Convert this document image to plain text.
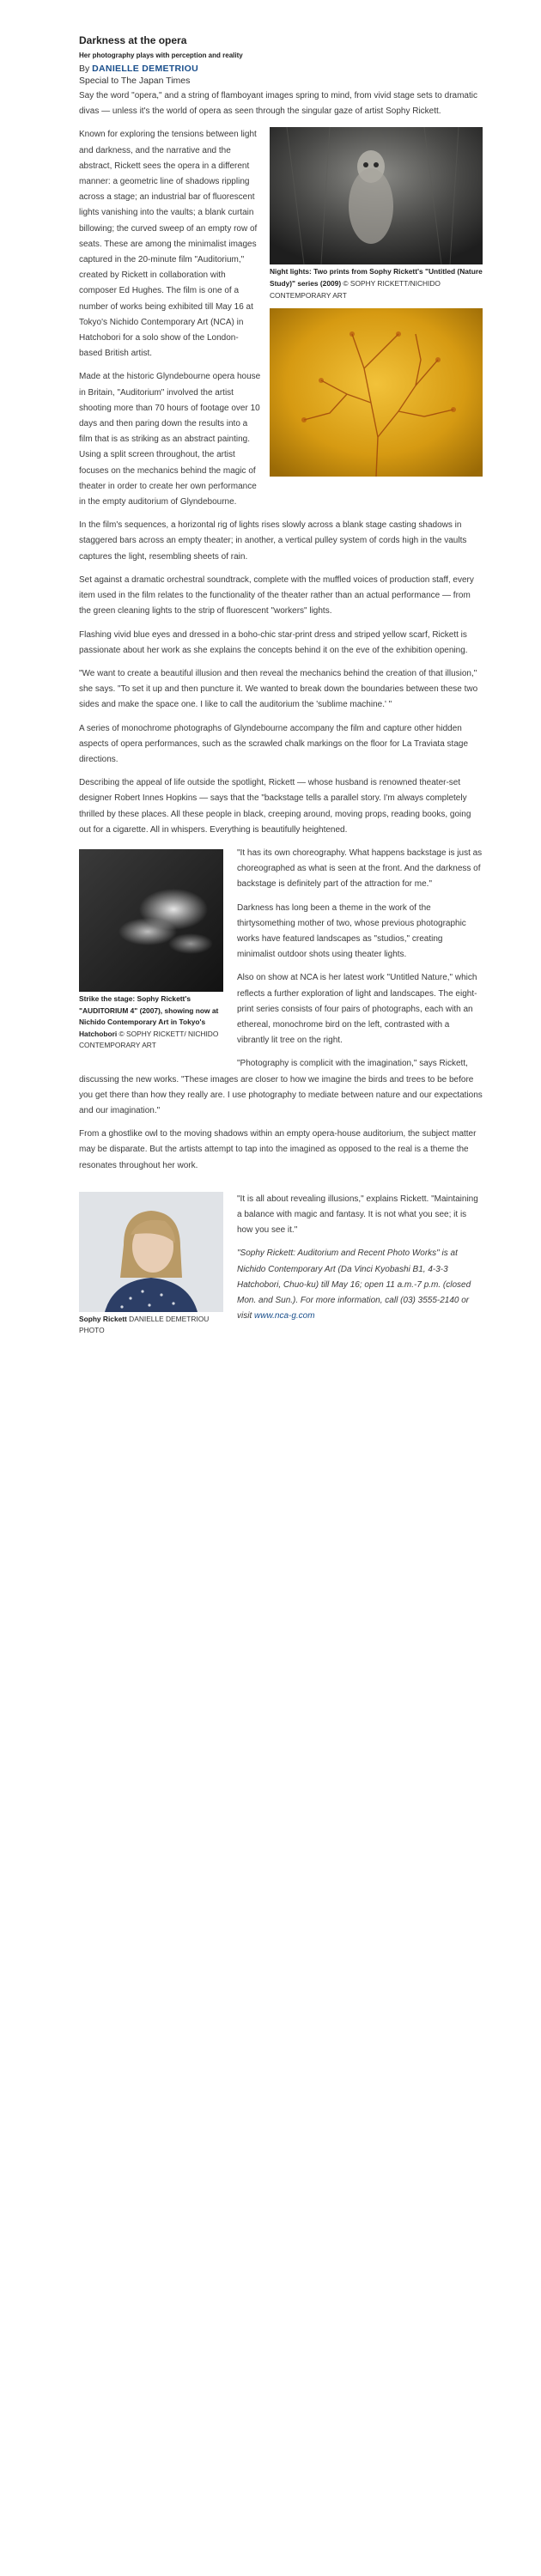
Darkness at the opera
Her photography plays with perception and reality
By DANIELLE DEMETRIOU
Special to The Japan Times

Say the word "opera," and a string of flamboyant images spring to mind, from vivid stage sets to dramatic divas — unless it's the world of opera as seen through the singular gaze of artist Sophy Rickett.

Night lights: Two prints from Sophy Rickett's "Untitled (Nature Study)" series (2009) © SOPHY RICKETT/NICHIDO CONTEMPORARY ART

Known for exploring the tensions between light and darkness, and the narrative and the abstract, Rickett sees the opera in a different manner: a geometric line of shadows rippling across a stage; an industrial bar of fluorescent lights vanishing into the vaults; a blank curtain billowing; the curved sweep of an empty row of seats. These are among the minimalist images captured in the 20-minute film "Auditorium," created by Rickett in collaboration with composer Ed Hughes. The film is one of a number of works being exhibited till May 16 at Tokyo's Nichido Contemporary Art (NCA) in Hatchobori for a solo show of the London-based British artist.

Made at the historic Glyndebourne opera house in Britain, "Auditorium" involved the artist shooting more than 70 hours of footage over 10 days and then paring down the results into a film that is as striking as an abstract painting. Using a split screen throughout, the artist focuses on the mechanics behind the magic of theater in order to create her own performance in the empty auditorium of Glyndebourne.

In the film's sequences, a horizontal rig of lights rises slowly across a blank stage casting shadows in staggered bars across an empty theater; in another, a vertical pulley system of cords high in the vaults captures the light, resembling sheets of rain.

Set against a dramatic orchestral soundtrack, complete with the muffled voices of production staff, every item used in the film relates to the functionality of the theater rather than an actual performance — from the green cleaning lights to the strip of fluorescent "workers" lights.

Flashing vivid blue eyes and dressed in a boho-chic star-print dress and striped yellow scarf, Rickett is passionate about her work as she explains the concepts behind it on the eve of the exhibition opening.

"We want to create a beautiful illusion and then reveal the mechanics behind the creation of that illusion," she says. "To set it up and then puncture it. We wanted to break down the boundaries between these two sides and make the space one. I like to call the auditorium the 'sublime machine.' "

A series of monochrome photographs of Glyndebourne accompany the film and capture other hidden aspects of opera performances, such as the scrawled chalk markings on the floor for La Traviata stage directions.

Describing the appeal of life outside the spotlight, Rickett — whose husband is renowned theater-set designer Robert Innes Hopkins — says that the "backstage tells a parallel story. I'm always completely thrilled by these places. All these people in black, creeping around, moving props, reading books, going out for a cigarette. All in whispers. Everything is beautifully heightened.

Strike the stage: Sophy Rickett's "AUDITORIUM 4" (2007), showing now at Nichido Contemporary Art in Tokyo's Hatchobori © SOPHY RICKETT/ NICHIDO CONTEMPORARY ART

"It has its own choreography. What happens backstage is just as choreographed as what is seen at the front. And the darkness of backstage is definitely part of the attraction for me."

Darkness has long been a theme in the work of the thirtysomething mother of two, whose previous photographic works have featured landscapes as "studios," creating minimalist outdoor shots using theater lights.

Also on show at NCA is her latest work "Untitled Nature," which reflects a further exploration of light and landscapes. The eight-print series consists of four pairs of photographs, each with an ethereal, monochrome bird on the left, contrasted with a vibrantly lit tree on the right.

"Photography is complicit with the imagination," says Rickett, discussing the new works. "These images are closer to how we imagine the birds and trees to be before you get there than how they really are. I use photography to mediate between nature and our expectations and our imagination."

From a ghostlike owl to the moving shadows within an empty opera-house auditorium, the subject matter may be disparate. But the artists attempt to tap into the imagined as opposed to the real is a theme the resonates throughout her work.

Sophy Rickett DANIELLE DEMETRIOU PHOTO

"It is all about revealing illusions," explains Rickett. "Maintaining a balance with magic and fantasy. It is not what you see; it is how you see it."

"Sophy Rickett: Auditorium and Recent Photo Works" is at Nichido Contemporary Art (Da Vinci Kyobashi B1, 4-3-3 Hatchobori, Chuo-ku) till May 16; open 11 a.m.-7 p.m. (closed Mon. and Sun.). For more information, call (03) 3555-2140 or visit www.nca-g.com
